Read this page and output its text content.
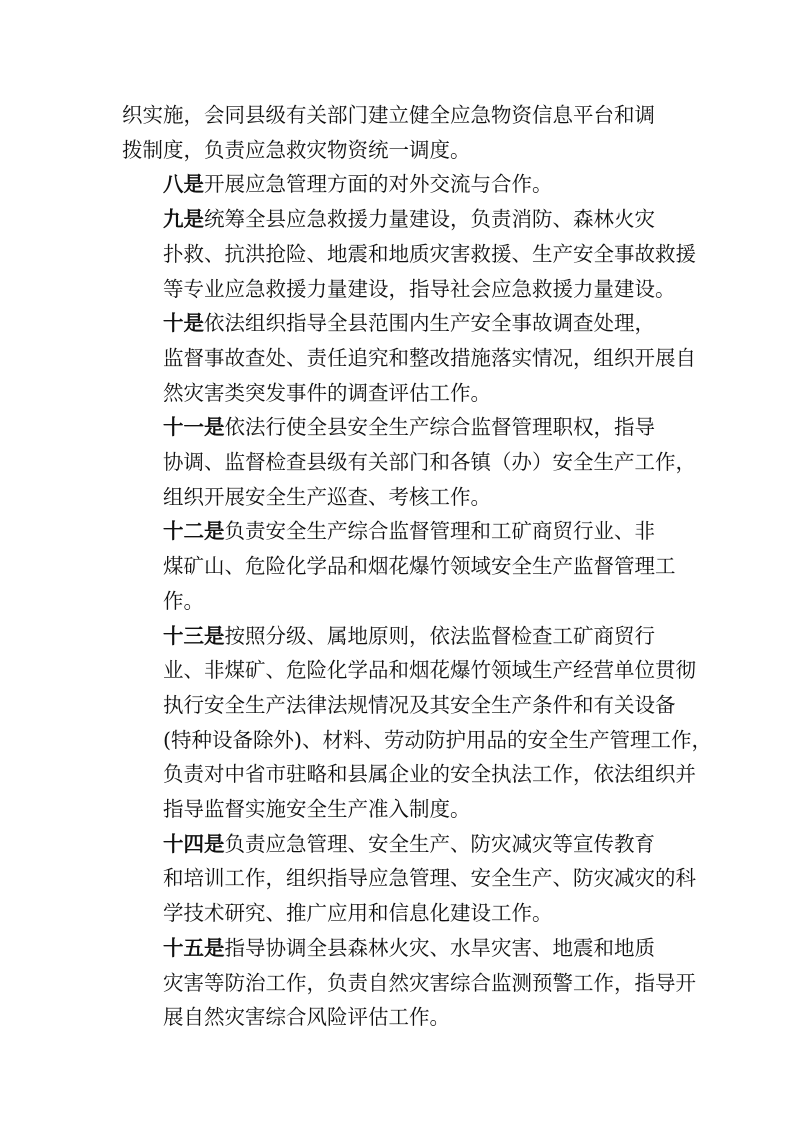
织实施，会同县级有关部门建立健全应急物资信息平台和调
拨制度，负责应急救灾物资统一调度。
八是开展应急管理方面的对外交流与合作。
九是统筹全县应急救援力量建设，负责消防、森林火灾
扑救、抗洪抢险、地震和地质灾害救援、生产安全事故救援
等专业应急救援力量建设，指导社会应急救援力量建设。
十是依法组织指导全县范围内生产安全事故调查处理，
监督事故查处、责任追究和整改措施落实情况，组织开展自
然灾害类突发事件的调查评估工作。
十一是依法行使全县安全生产综合监督管理职权，指导
协调、监督检查县级有关部门和各镇（办）安全生产工作，
组织开展安全生产巡查、考核工作。
十二是负责安全生产综合监督管理和工矿商贸行业、非
煤矿山、危险化学品和烟花爆竹领域安全生产监督管理工
作。
十三是按照分级、属地原则，依法监督检查工矿商贸行
业、非煤矿、危险化学品和烟花爆竹领域生产经营单位贯彻
执行安全生产法律法规情况及其安全生产条件和有关设备
(特种设备除外)、材料、劳动防护用品的安全生产管理工作，
负责对中省市驻略和县属企业的安全执法工作，依法组织并
指导监督实施安全生产准入制度。
十四是负责应急管理、安全生产、防灾减灾等宣传教育
和培训工作，组织指导应急管理、安全生产、防灾减灾的科
学技术研究、推广应用和信息化建设工作。
十五是指导协调全县森林火灾、水旱灾害、地震和地质
灾害等防治工作，负责自然灾害综合监测预警工作，指导开
展自然灾害综合风险评估工作。
